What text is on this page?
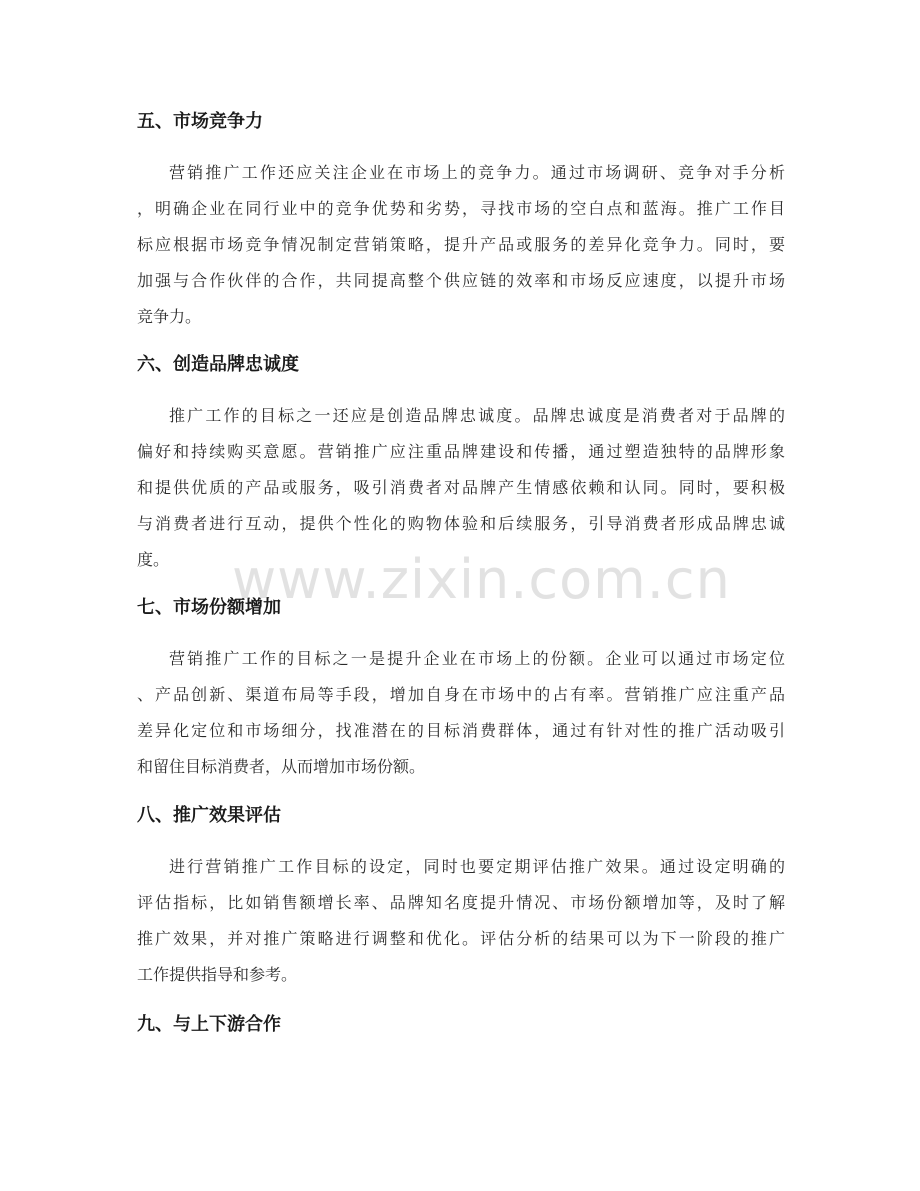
五、市场竞争力

营销推广工作还应关注企业在市场上的竞争力。通过市场调研、竞争对手分析

，明确企业在同行业中的竞争优势和劣势，寻找市场的空白点和蓝海。推广工作目

标应根据市场竞争情况制定营销策略，提升产品或服务的差异化竞争力。同时，要

加强与合作伙伴的合作，共同提高整个供应链的效率和市场反应速度，以提升市场

竞争力。

六、创造品牌忠诚度

推广工作的目标之一还应是创造品牌忠诚度。品牌忠诚度是消费者对于品牌的

偏好和持续购买意愿。营销推广应注重品牌建设和传播，通过塑造独特的品牌形象

和提供优质的产品或服务，吸引消费者对品牌产生情感依赖和认同。同时，要积极

与消费者进行互动，提供个性化的购物体验和后续服务，引导消费者形成品牌忠诚

度。

七、市场份额增加

营销推广工作的目标之一是提升企业在市场上的份额。企业可以通过市场定位

、产品创新、渠道布局等手段，增加自身在市场中的占有率。营销推广应注重产品

差异化定位和市场细分，找准潜在的目标消费群体，通过有针对性的推广活动吸引

和留住目标消费者，从而增加市场份额。

八、推广效果评估

进行营销推广工作目标的设定，同时也要定期评估推广效果。通过设定明确的

评估指标，比如销售额增长率、品牌知名度提升情况、市场份额增加等，及时了解

推广效果，并对推广策略进行调整和优化。评估分析的结果可以为下一阶段的推广

工作提供指导和参考。

九、与上下游合作
www.zixin.com.cn
